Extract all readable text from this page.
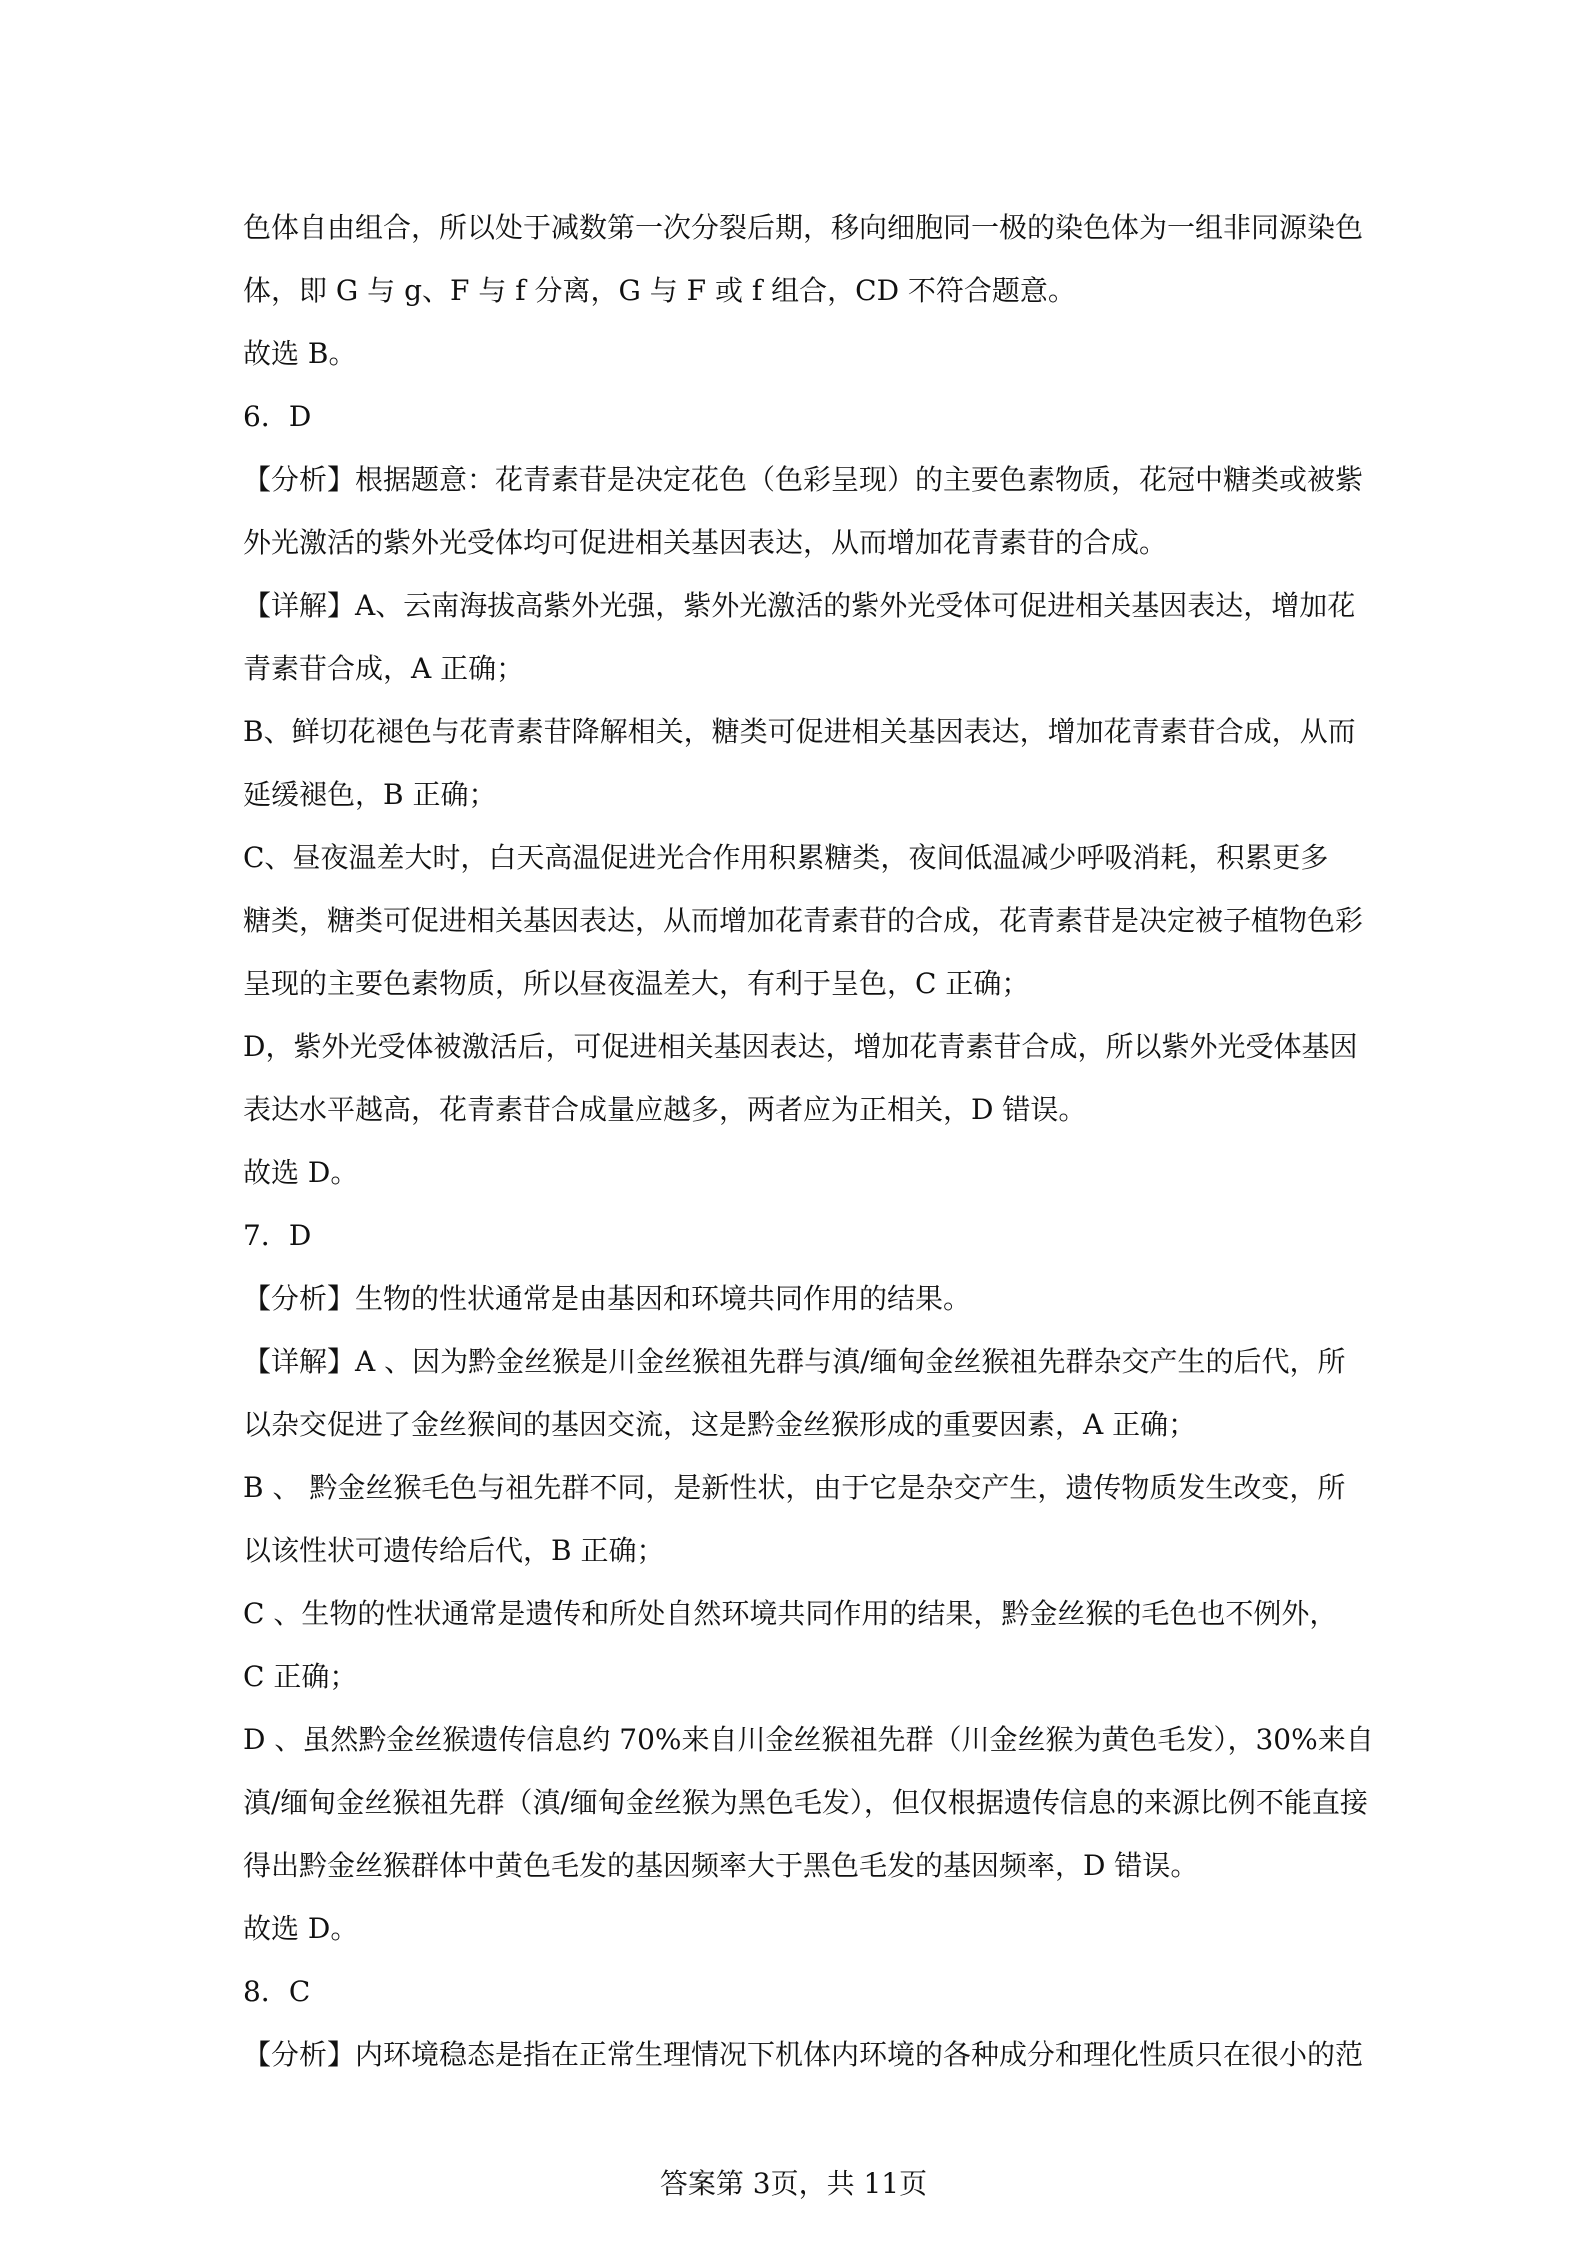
色体自由组合，所以处于减数第一次分裂后期，移向细胞同一极的染色体为一组非同源染色
体，即 G 与 g、F 与 f 分离，G 与 F 或 f 组合，CD 不符合题意。
故选 B。
6．D
【分析】根据题意：花青素苷是决定花色（色彩呈现）的主要色素物质，花冠中糖类或被紫
外光激活的紫外光受体均可促进相关基因表达，从而增加花青素苷的合成。
【详解】A、云南海拔高紫外光强，紫外光激活的紫外光受体可促进相关基因表达，增加花
青素苷合成，A 正确；
B、鲜切花褪色与花青素苷降解相关，糖类可促进相关基因表达，增加花青素苷合成，从而
延缓褪色，B 正确；
C、昼夜温差大时，白天高温促进光合作用积累糖类，夜间低温减少呼吸消耗，积累更多
糖类，糖类可促进相关基因表达，从而增加花青素苷的合成，花青素苷是决定被子植物色彩
呈现的主要色素物质，所以昼夜温差大，有利于呈色，C 正确；
D，紫外光受体被激活后，可促进相关基因表达，增加花青素苷合成，所以紫外光受体基因
表达水平越高，花青素苷合成量应越多，两者应为正相关，D 错误。
故选 D。
7．D
【分析】生物的性状通常是由基因和环境共同作用的结果。
【详解】A 、因为黔金丝猴是川金丝猴祖先群与滇/缅甸金丝猴祖先群杂交产生的后代，所
以杂交促进了金丝猴间的基因交流，这是黔金丝猴形成的重要因素，A 正确；
B 、 黔金丝猴毛色与祖先群不同，是新性状，由于它是杂交产生，遗传物质发生改变，所
以该性状可遗传给后代，B 正确；
C 、生物的性状通常是遗传和所处自然环境共同作用的结果，黔金丝猴的毛色也不例外，
C 正确；
D 、虽然黔金丝猴遗传信息约 70%来自川金丝猴祖先群（川金丝猴为黄色毛发），30%来自
滇/缅甸金丝猴祖先群（滇/缅甸金丝猴为黑色毛发），但仅根据遗传信息的来源比例不能直接
得出黔金丝猴群体中黄色毛发的基因频率大于黑色毛发的基因频率，D 错误。
故选 D。
8．C
【分析】内环境稳态是指在正常生理情况下机体内环境的各种成分和理化性质只在很小的范
答案第 3页，共 11页
